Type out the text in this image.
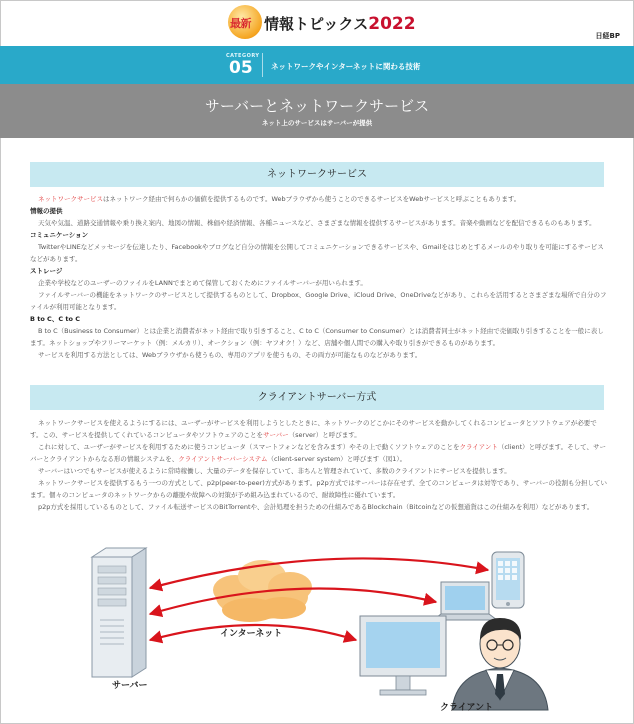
最新 情報トピックス2022
日経BP
CATEGORY
05 ネットワークやインターネットに関わる技術
サーバーとネットワークサービス
ネット上のサービスはサーバーが提供
ネットワークサービス

ネットワークサービスはネットワーク経由で何らかの価値を提供するものです。Webブラウザから使うことのできるサービスをWebサービスと呼ぶこともあります。

情報の提供

天気や気温、道路交通情報や乗り換え案内、地図の情報、株価や経済情報、各種ニュースなど、さまざまな情報を提供するサービスがあります。音楽や動画などを配信できるものもあります。

コミュニケーション

TwitterやLINEなどメッセージを伝達したり、Facebookやブログなど自分の情報を公開してコミュニケーションできるサービスや、Gmailをはじめとするメールのやり取りを可能にするサービスなどがあります。

ストレージ

企業や学校などのユーザーのファイルをLANNでまとめて保管しておくためにファイルサーバーが用いられます。

ファイルサーバーの機能をネットワークのサービスとして提供するものとして、Dropbox、Google Drive、iCloud Drive、OneDriveなどがあり、これらを活用するとさまざまな場所で自分のファイルが利用可能となります。

B to C、C to C

B to C（Business to Consumer）とは企業と消費者がネット経由で取り引きすること、C to C（Consumer to Consumer）とは消費者同士がネット経由で売価取り引きすることを一般に表します。ネットショップやフリーマーケット（例：メルカリ）、オークション（例：ヤフオク！）など、店舗や個人間での購入や取り引きができるものがあります。

サービスを利用する方法としては、Webブラウザから使うもの、専用のアプリを使うもの、その両方が可能なものなどがあります。

クライアントサーバー方式

ネットワークサービスを使えるようにするには、ユーザーがサービスを利用しようとしたときに、ネットワークのどこかにそのサービスを動かしてくれるコンピュータとソフトウェアが必要です。この、サービスを提供してくれているコンピュータやソフトウェアのことをサーバー（server）と呼びます。

これに対して、ユーザーがサービスを利用するために使うコンピュータ（スマートフォンなどを含みます）やその上で動くソフトウェアのことをクライアント（client）と呼びます。そして、サーバーとクライアントからなる形の情報システムを、クライアントサーバーシステム（client-server system）と呼びます（図1）。

サーバーはいつでもサービスが使えるように常時稼働し、大量のデータを保存していて、非ちんと管理されていて、多数のクライアントにサービスを提供します。

ネットワークサービスを提供するもう一つの方式として、p2p(peer-to-peer)方式があります。p2p方式ではサーバーは存在せず、全てのコンピュータは対等であり、サーバーの役割も分担しています。個々のコンピュータのネットワークからの離脱や故障への対策が予め組み込まれているので、耐故障性に優れています。

p2p方式を採用しているものとして、ファイル転送サービスのBitTorrentや、会計処理を担うための仕組みであるBlockchain（Bitcoinなどの仮想通貨はこの仕組みを利用）などがあります。

インターネット
サーバー
クライアント
